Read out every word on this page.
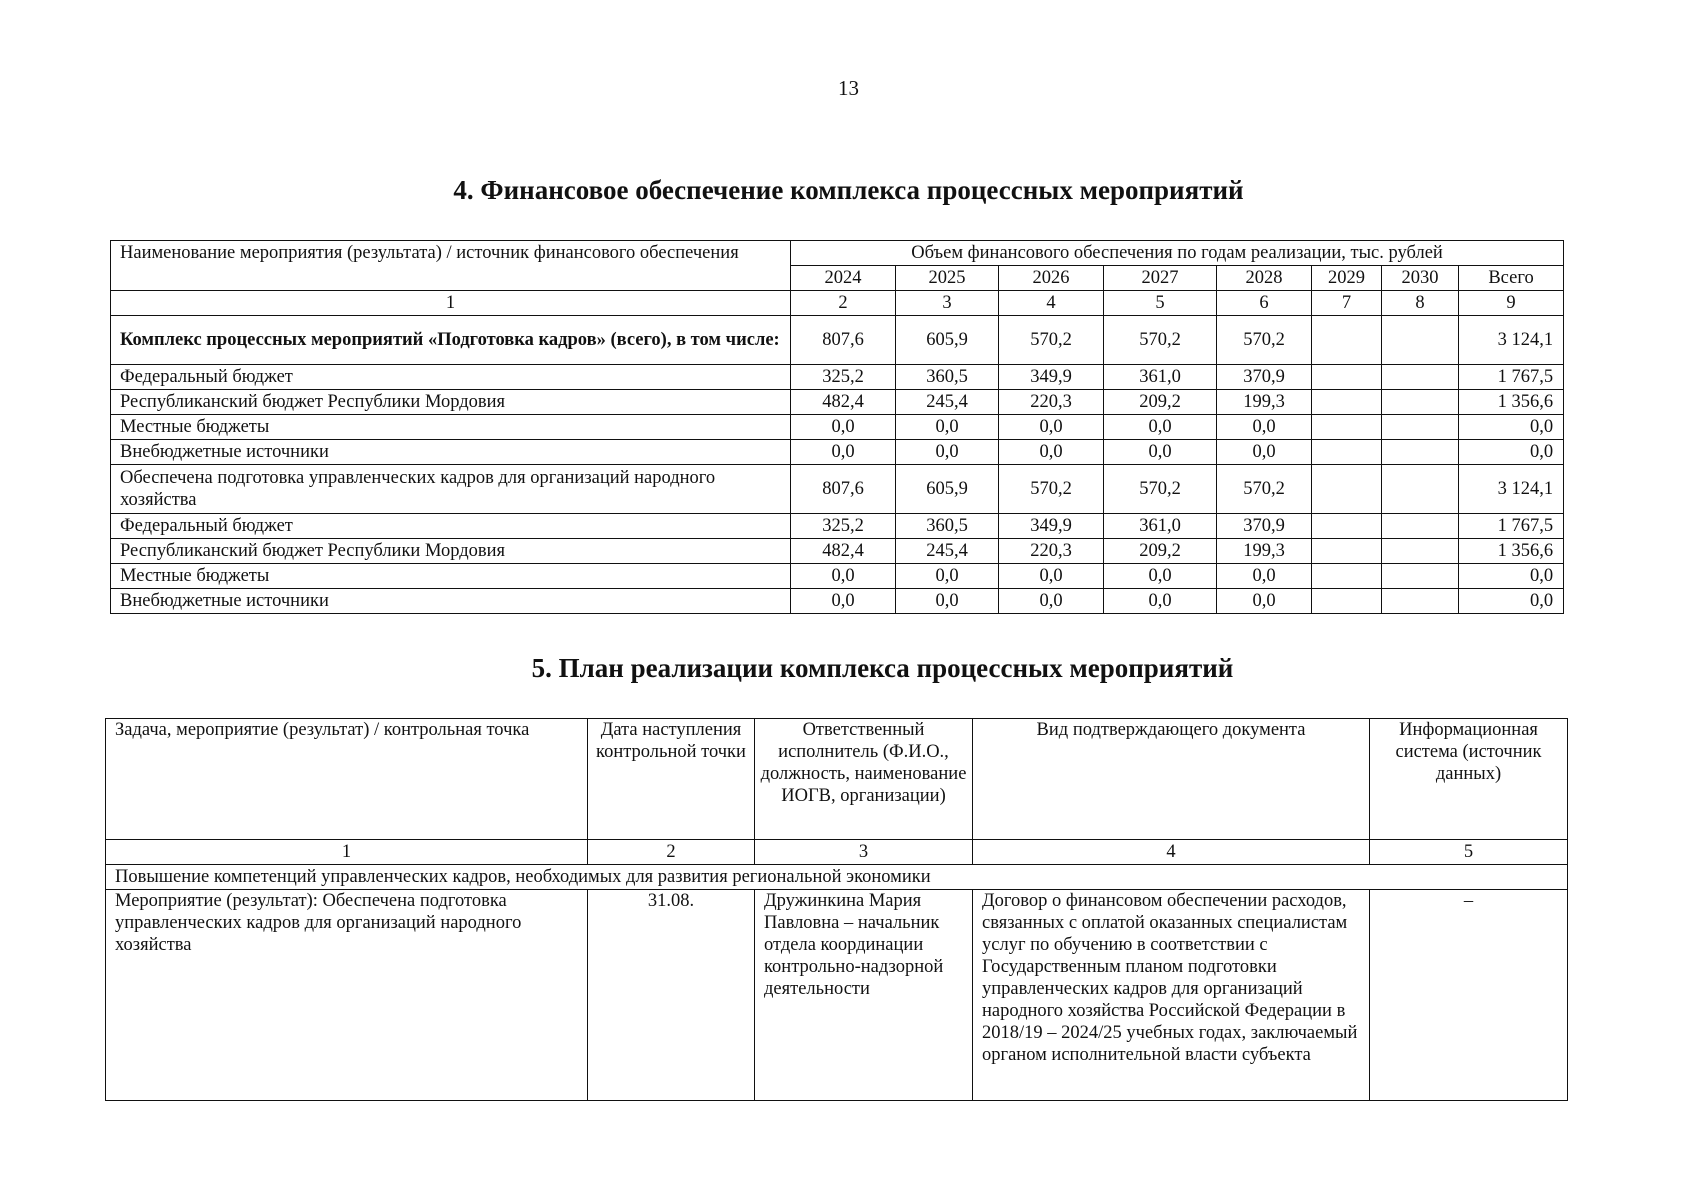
13
4. Финансовое обеспечение комплекса процессных мероприятий
Наименование мероприятия (результата) / источник финансового обеспечения	Объем финансового обеспечения по годам реализации, тыс. рублей							
	2024	2025	2026	2027	2028	2029	2030	Всего
1	2	3	4	5	6	7	8	9
Комплекс процессных мероприятий «Подготовка кадров» (всего), в том числе:	807,6	605,9	570,2	570,2	570,2			3 124,1
Федеральный бюджет	325,2	360,5	349,9	361,0	370,9			1 767,5
Республиканский бюджет Республики Мордовия	482,4	245,4	220,3	209,2	199,3			1 356,6
Местные бюджеты	0,0	0,0	0,0	0,0	0,0			0,0
Внебюджетные источники	0,0	0,0	0,0	0,0	0,0			0,0
Обеспечена подготовка управленческих кадров для организаций народного хозяйства	807,6	605,9	570,2	570,2	570,2			3 124,1
Федеральный бюджет	325,2	360,5	349,9	361,0	370,9			1 767,5
Республиканский бюджет Республики Мордовия	482,4	245,4	220,3	209,2	199,3			1 356,6
Местные бюджеты	0,0	0,0	0,0	0,0	0,0			0,0
Внебюджетные источники	0,0	0,0	0,0	0,0	0,0			0,0
5. План реализации комплекса процессных мероприятий
Задача, мероприятие (результат) / контрольная точка	Дата наступления контрольной точки	Ответственный исполнитель (Ф.И.О., должность, наименование ИОГВ, организации)	Вид подтверждающего документа	Информационная система (источник данных)
1	2	3	4	5
Повышение компетенций управленческих кадров, необходимых для развития региональной экономики				
Мероприятие (результат): Обеспечена подготовка управленческих кадров для организаций народного хозяйства	31.08.	Дружинкина Мария Павловна – начальник отдела координации контрольно-надзорной деятельности	Договор о финансовом обеспечении расходов, связанных с оплатой оказанных специалистам услуг по обучению в соответствии с Государственным планом подготовки управленческих кадров для организаций народного хозяйства Российской Федерации в 2018/19 – 2024/25 учебных годах, заключаемый органом исполнительной власти субъекта	–
